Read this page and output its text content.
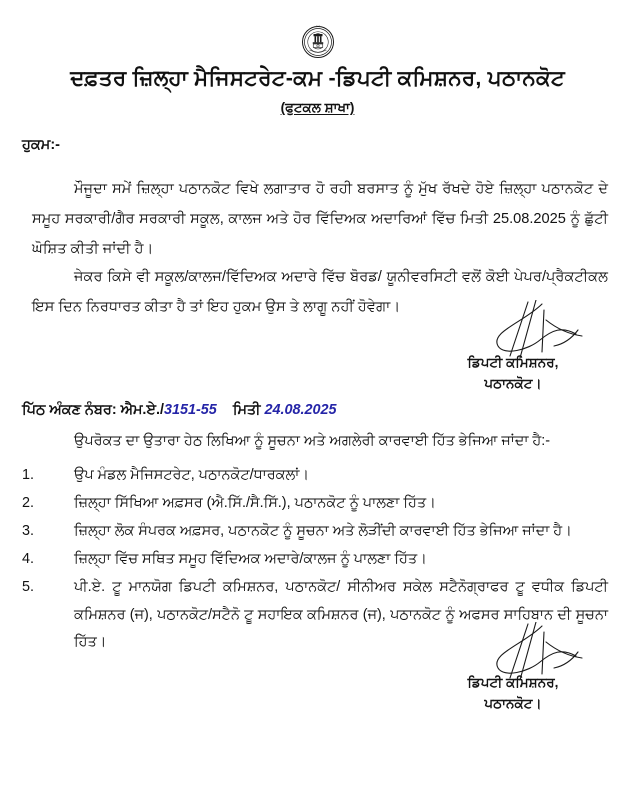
• • • • • •
• • •
ਦਫ਼ਤਰ ਜ਼ਿਲ੍ਹਾ ਮੈਜਿਸਟਰੇਟ-ਕਮ -ਡਿਪਟੀ ਕਮਿਸ਼ਨਰ, ਪਠਾਨਕੋਟ
(ਫੁਟਕਲ ਸ਼ਾਖਾ)
ਹੁਕਮ:-
ਮੌਜੂਦਾ ਸਮੇਂ ਜ਼ਿਲ੍ਹਾ ਪਠਾਨਕੋਟ ਵਿਖੇ ਲਗਾਤਾਰ ਹੋ ਰਹੀ ਬਰਸਾਤ ਨੂੰ ਮੁੱਖ ਰੱਖਦੇ ਹੋਏ ਜ਼ਿਲ੍ਹਾ ਪਠਾਨਕੋਟ ਦੇ ਸਮੂਹ ਸਰਕਾਰੀ/ਗੈਰ ਸਰਕਾਰੀ ਸਕੂਲ, ਕਾਲਜ ਅਤੇ ਹੋਰ ਵਿੱਦਿਅਕ ਅਦਾਰਿਆਂ ਵਿੱਚ ਮਿਤੀ 25.08.2025 ਨੂੰ ਛੁੱਟੀ ਘੋਸ਼ਿਤ ਕੀਤੀ ਜਾਂਦੀ ਹੈ।
ਜੇਕਰ ਕਿਸੇ ਵੀ ਸਕੂਲ/ਕਾਲਜ/ਵਿੱਦਿਅਕ ਅਦਾਰੇ ਵਿੱਚ ਬੋਰਡ/ ਯੂਨੀਵਰਸਿਟੀ ਵਲੋਂ ਕੋਈ ਪੇਪਰ/ਪ੍ਰੈਕਟੀਕਲ ਇਸ ਦਿਨ ਨਿਰਧਾਰਤ ਕੀਤਾ ਹੈ ਤਾਂ ਇਹ ਹੁਕਮ ਉਸ ਤੇ ਲਾਗੂ ਨਹੀਂ ਹੋਵੇਗਾ।
ਡਿਪਟੀ ਕਮਿਸ਼ਨਰ,
ਪਠਾਨਕੋਟ।
ਪਿੱਠ ਅੰਕਣ ਨੰਬਰ: ਐਮ.ਏ./3151-55 ਮਿਤੀ 24.08.2025
ਉਪਰੋਕਤ ਦਾ ਉਤਾਰਾ ਹੇਠ ਲਿਖਿਆ ਨੂੰ ਸੂਚਨਾ ਅਤੇ ਅਗਲੇਰੀ ਕਾਰਵਾਈ ਹਿੱਤ ਭੇਜਿਆ ਜਾਂਦਾ ਹੈ:-
1.	ਉਪ ਮੰਡਲ ਮੈਜਿਸਟਰੇਟ, ਪਠਾਨਕੋਟ/ਧਾਰਕਲਾਂ।
2.	ਜ਼ਿਲ੍ਹਾ ਸਿੱਖਿਆ ਅਫ਼ਸਰ (ਐ.ਸਿੱ./ਸੈ.ਸਿੱ.), ਪਠਾਨਕੋਟ ਨੂੰ ਪਾਲਣਾ ਹਿੱਤ।
3.	ਜ਼ਿਲ੍ਹਾ ਲੋਕ ਸੰਪਰਕ ਅਫ਼ਸਰ, ਪਠਾਨਕੋਟ ਨੂੰ ਸੂਚਨਾ ਅਤੇ ਲੋੜੀਂਦੀ ਕਾਰਵਾਈ ਹਿੱਤ ਭੇਜਿਆ ਜਾਂਦਾ ਹੈ।
4.	ਜ਼ਿਲ੍ਹਾ ਵਿੱਚ ਸਥਿਤ ਸਮੂਹ ਵਿੱਦਿਅਕ ਅਦਾਰੇ/ਕਾਲਜ ਨੂੰ ਪਾਲਣਾ ਹਿੱਤ।
5.	ਪੀ.ਏ. ਟੂ ਮਾਨਯੋਗ ਡਿਪਟੀ ਕਮਿਸ਼ਨਰ, ਪਠਾਨਕੋਟ/ ਸੀਨੀਅਰ ਸਕੇਲ ਸਟੈਨੋਗ੍ਰਾਫਰ ਟੂ ਵਧੀਕ ਡਿਪਟੀ ਕਮਿਸ਼ਨਰ (ਜ), ਪਠਾਨਕੋਟ/ਸਟੈਨੋ ਟੂ ਸਹਾਇਕ ਕਮਿਸ਼ਨਰ (ਜ), ਪਠਾਨਕੋਟ ਨੂੰ ਅਫਸਰ ਸਾਹਿਬਾਨ ਦੀ ਸੂਚਨਾ ਹਿੱਤ।
ਡਿਪਟੀ ਕਮਿਸ਼ਨਰ,
ਪਠਾਨਕੋਟ।
